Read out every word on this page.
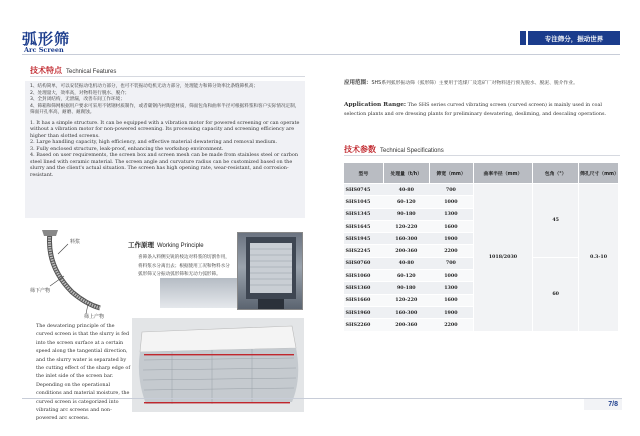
弧形筛
Arc Screen
专注筛分，振动世界
技术特点 Technical Features

1、结构简单，可以安装振动电机动力部分，也可不装振动电机无动力部分，处理能力和筛分效率比条缝筛机高；

2、处理量大，效率高，对物料进行脱水、脱介；

3、全封闭结构，无泄漏，改善车间工作环境；

4、筛箱和筛网根据用户要求可采用不锈钢材质制作，或者碳钢内衬陶瓷材质，筛面包角和曲率半径可根据料浆和客户实际情况定制，筛面开孔率高，耐磨、耐腐蚀。

1. It has a simple structure. It can be equipped with a vibration motor for powered screening or can operate without a vibration motor for non-powered screening. Its processing capacity and screening efficiency are higher than slotted screens.

2. Large handling capacity, high efficiency, and effective material dewatering and removal medium.

3. Fully enclosed structure, leak-proof, enhancing the workshop environment.

4. Based on user requirements, the screen box and screen mesh can be made from stainless steel or carbon steel lined with ceramic material. The screen angle and curvature radius can be customized based on the slurry and the client's actual situation. The screen has high opening rate, wear-resistant, and corrosion-resistant.

料浆
筛下产物
筛上产物
工作原理 Working Principle
喜筛条入料侧尖锐的棱边对料浆的切割作用，将料浆水分离出去；根据使用工况和物料水分弧形筛又分振动弧形筛和无动力弧形筛。
The dewatering principle of the curved screen is that the slurry is fed into the screen surface at a certain speed along the tangential direction, and the slurry water is separated by the cutting effect of the sharp edge of the inlet side of the screen bar. Depending on the operational conditions and material moisture, the curved screen is categorized into vibrating arc screens and non-powered arc screens.
应用范围：SHS系列弧形振动筛（弧形筛）主要用于选煤厂及选矿厂对物料进行预先脱水、脱泥、脱介作业。
Application Range: The SHS series curved vibrating screen (curved screen) is mainly used in coal selection plants and ore dressing plants for preliminary dewatering, desliming, and descaling operations.
技术参数 Technical Specifications
型号	处理量（t/h）	筛宽（mm）	曲率半径（mm）	包角（°）	筛孔尺寸（mm）
SHS0745	40-80	700	1018/2030	45	0.3-10
SHS1045	60-120	1000			
SHS1345	90-180	1300			
SHS1645	120-220	1600			
SHS1945	160-300	1900			
SHS2245	200-360	2200			
SHS0760	40-80	700		60	
SHS1060	60-120	1000			
SHS1360	90-180	1300			
SHS1660	120-220	1600			
SHS1960	160-300	1900			
SHS2260	200-360	2200			
7/8
